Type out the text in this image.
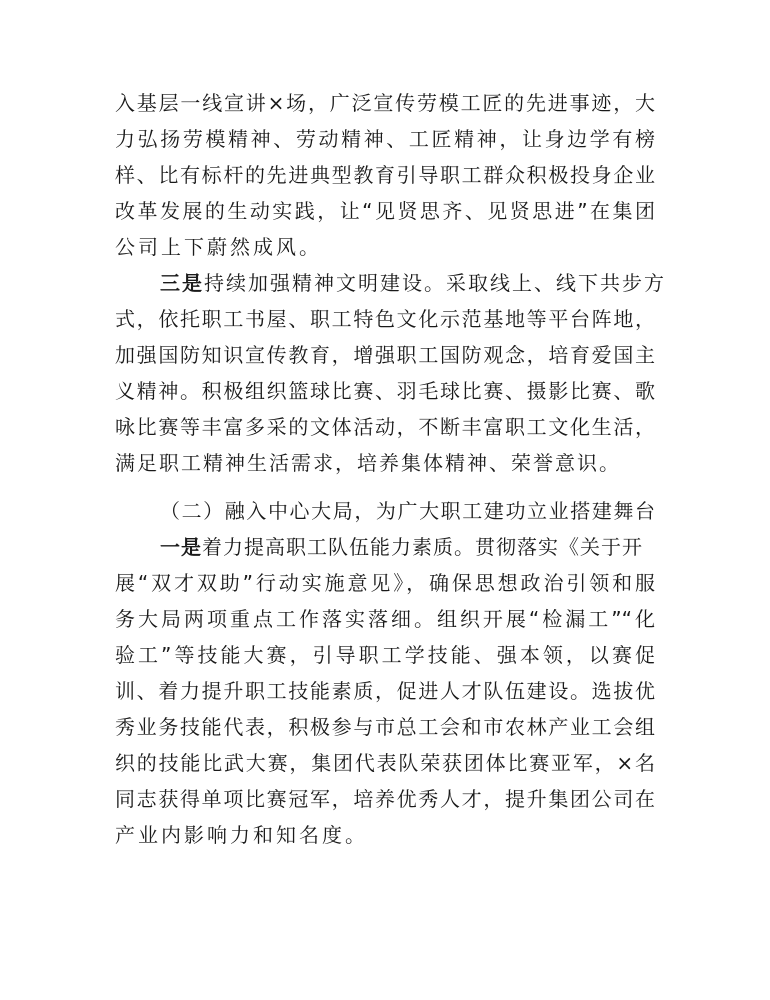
入基层一线宣讲×场，广泛宣传劳模工匠的先进事迹，大
力弘扬劳模精神、劳动精神、工匠精神，让身边学有榜
样、比有标杆的先进典型教育引导职工群众积极投身企业
改革发展的生动实践，让“见贤思齐、见贤思进”在集团
公司上下蔚然成风。
三是持续加强精神文明建设。采取线上、线下共步方
式，依托职工书屋、职工特色文化示范基地等平台阵地，
加强国防知识宣传教育，增强职工国防观念，培育爱国主
义精神。积极组织篮球比赛、羽毛球比赛、摄影比赛、歌
咏比赛等丰富多采的文体活动，不断丰富职工文化生活，
满足职工精神生活需求，培养集体精神、荣誉意识。
（二）融入中心大局，为广大职工建功立业搭建舞台
一是着力提高职工队伍能力素质。贯彻落实《关于开
展“双才双助”行动实施意见》，确保思想政治引领和服
务大局两项重点工作落实落细。组织开展“检漏工”“化
验工”等技能大赛，引导职工学技能、强本领，以赛促
训、着力提升职工技能素质，促进人才队伍建设。选拔优
秀业务技能代表，积极参与市总工会和市农林产业工会组
织的技能比武大赛，集团代表队荣获团体比赛亚军，×名
同志获得单项比赛冠军，培养优秀人才，提升集团公司在
产业内影响力和知名度。
